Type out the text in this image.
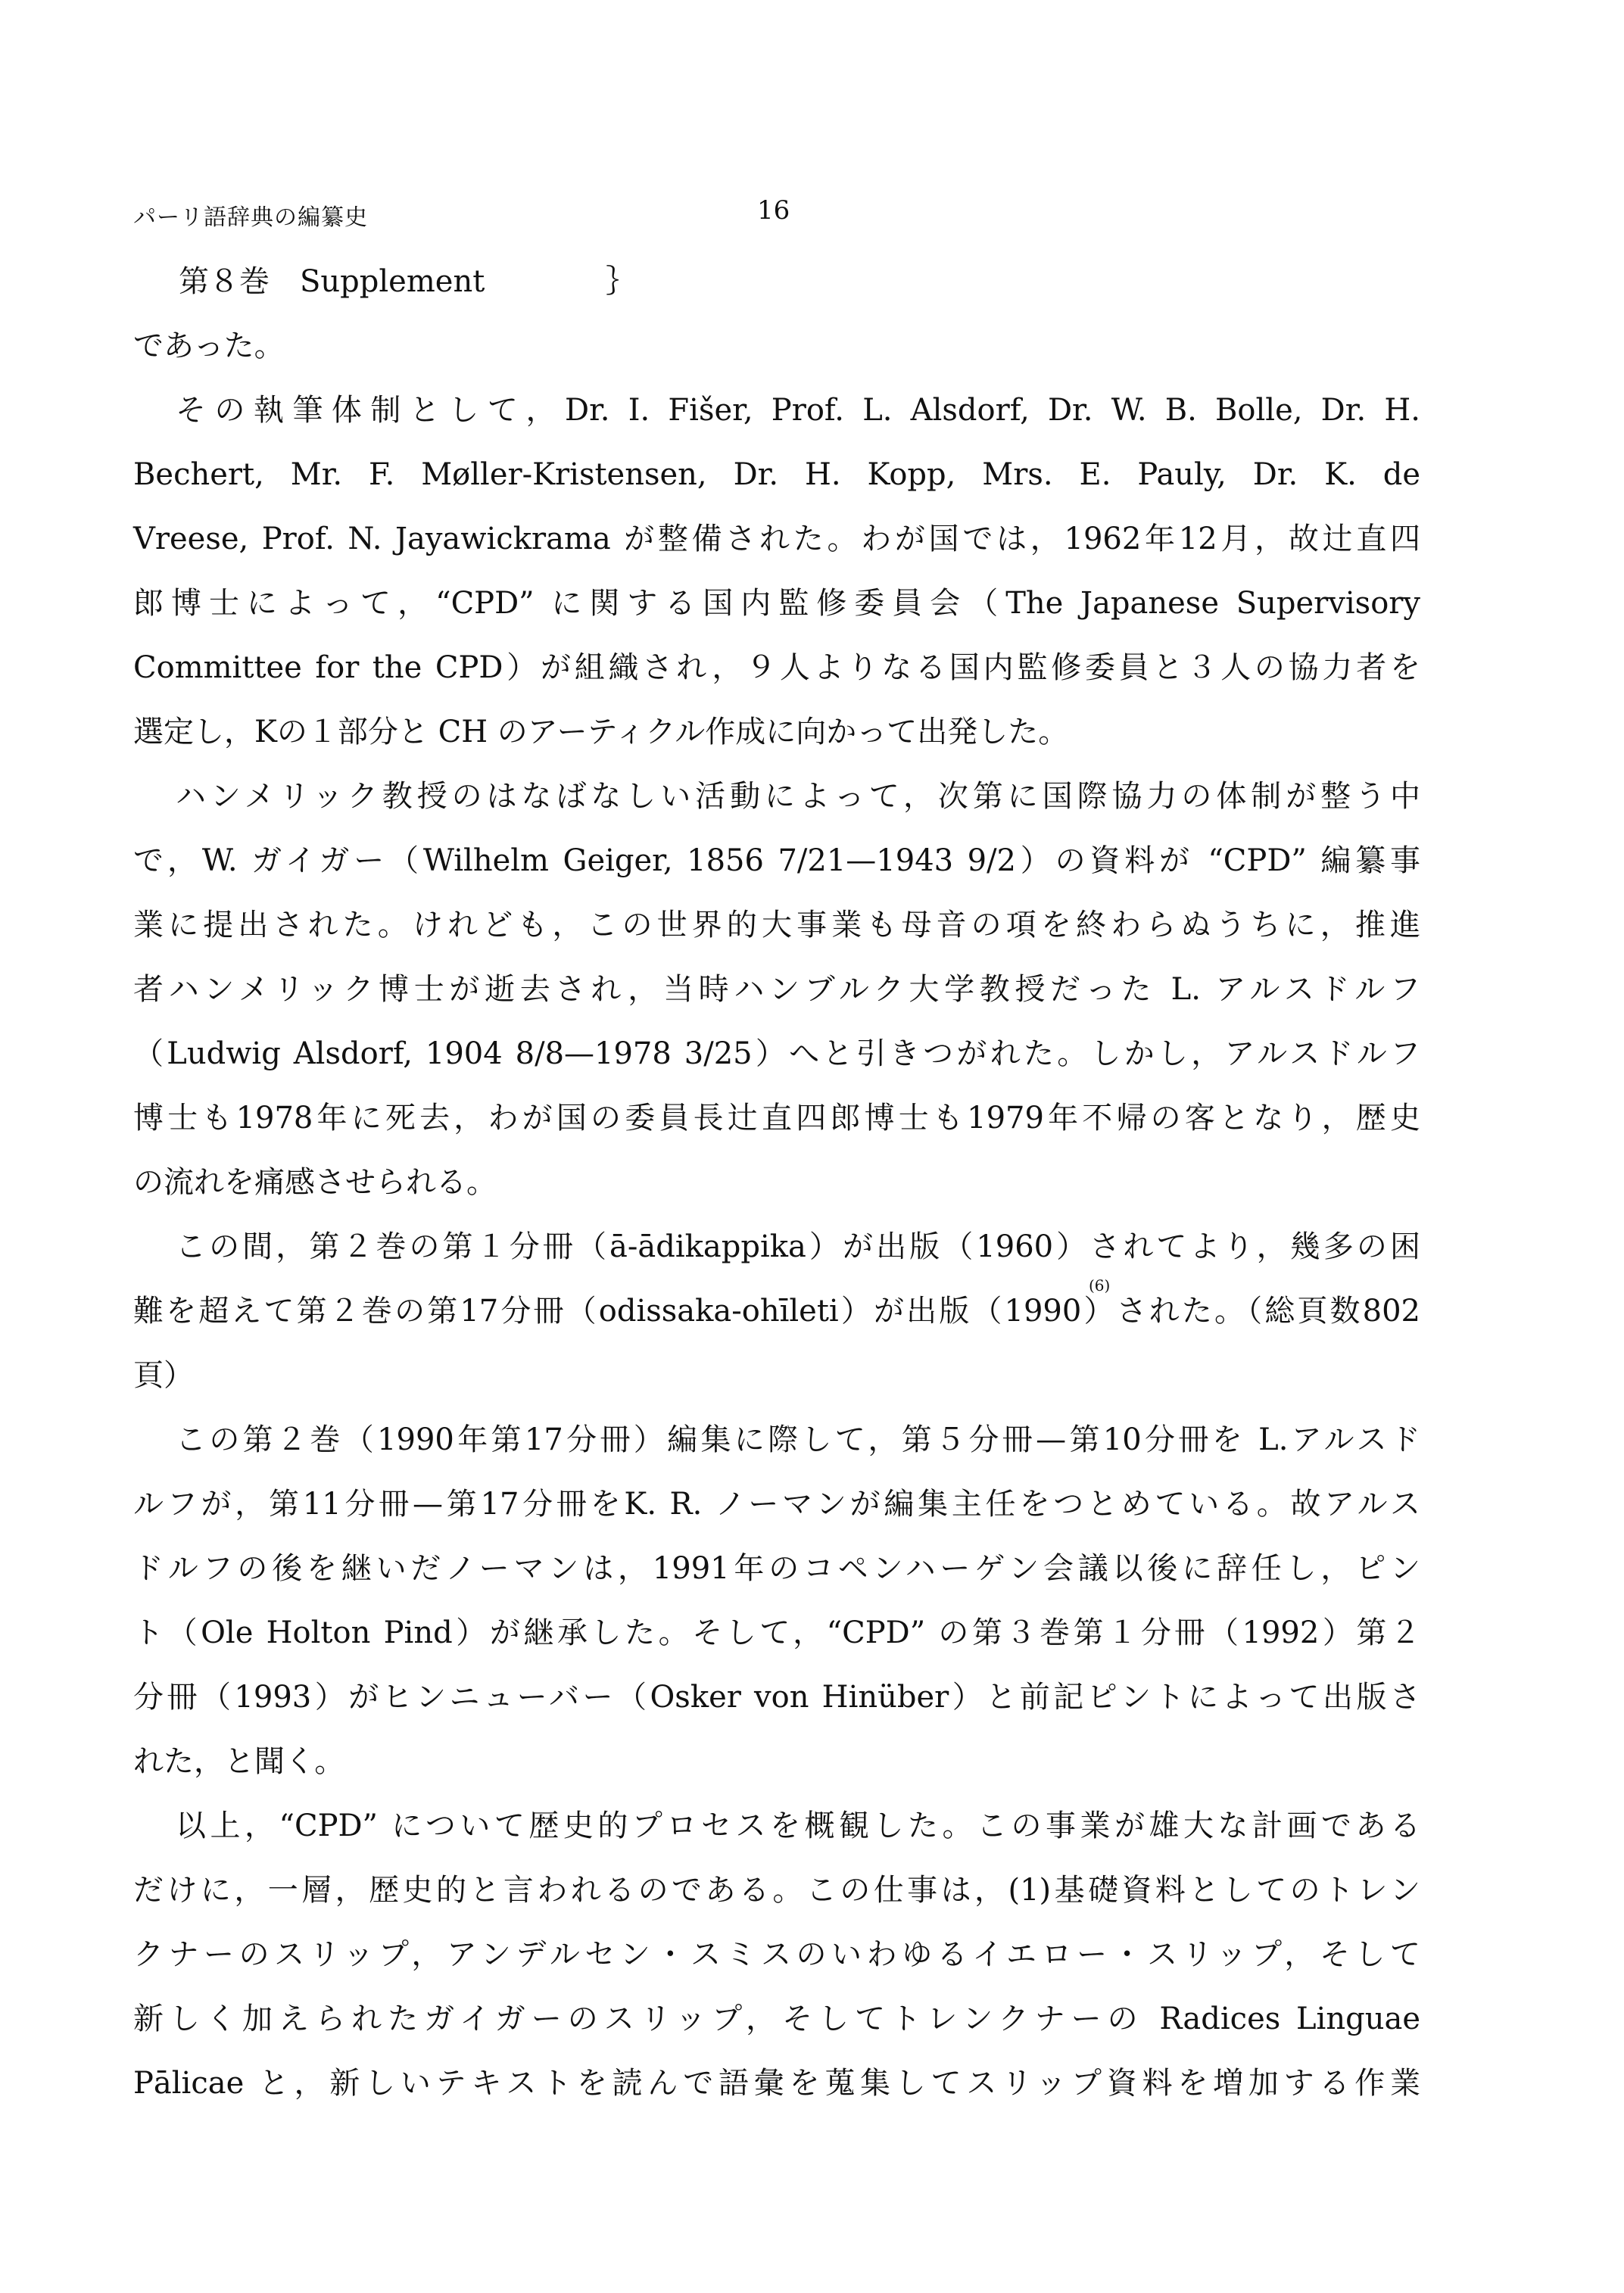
パーリ語辞典の編纂史	16
第８巻　Supplement　　　　｝
であった。
その執筆体制として，Dr. I. Fišer, Prof. L. Alsdorf, Dr. W. B. Bolle, Dr. H.
Bechert, Mr. F. Møller-Kristensen, Dr. H. Kopp, Mrs. E. Pauly, Dr. K. de
Vreese, Prof. N. Jayawickrama が整備された。わが国では，1962年12月，故辻直四
郎博士によって，“CPD” に関する国内監修委員会（The Japanese Supervisory
Committee for the CPD）が組織され，９人よりなる国内監修委員と３人の協力者を
選定し，Kの１部分と CH のアーティクル作成に向かって出発した。
ハンメリック教授のはなばなしい活動によって，次第に国際協力の体制が整う中
で，W. ガイガー（Wilhelm Geiger, 1856 7/21—1943 9/2）の資料が “CPD” 編纂事
業に提出された。けれども，この世界的大事業も母音の項を終わらぬうちに，推進
者ハンメリック博士が逝去され，当時ハンブルク大学教授だった L. アルスドルフ
（Ludwig Alsdorf, 1904 8/8—1978 3/25）へと引きつがれた。しかし，アルスドルフ
博士も1978年に死去，わが国の委員長辻直四郎博士も1979年不帰の客となり，歴史
の流れを痛感させられる。
この間，第２巻の第１分冊（ā-ādikappika）が出版（1960）されてより，幾多の困
難を超えて第２巻の第17分冊（odissaka-ohīleti）が出版（1990）された。（総頁数802
(6)
頁）
この第２巻（1990年第17分冊）編集に際して，第５分冊—第10分冊を L.アルスド
ルフが，第11分冊—第17分冊をK. R. ノーマンが編集主任をつとめている。故アルス
ドルフの後を継いだノーマンは，1991年のコペンハーゲン会議以後に辞任し，ピン
ト（Ole Holton Pind）が継承した。そして，“CPD” の第３巻第１分冊（1992）第２
分冊（1993）がヒンニューバー（Osker von Hinüber）と前記ピントによって出版さ
れた，と聞く。
以上，“CPD” について歴史的プロセスを概観した。この事業が雄大な計画である
だけに，一層，歴史的と言われるのである。この仕事は，(1)基礎資料としてのトレン
クナーのスリップ，アンデルセン・スミスのいわゆるイエロー・スリップ，そして
新しく加えられたガイガーのスリップ，そしてトレンクナーの Radices Linguae
Pālicae と，新しいテキストを読んで語彙を蒐集してスリップ資料を増加する作業
